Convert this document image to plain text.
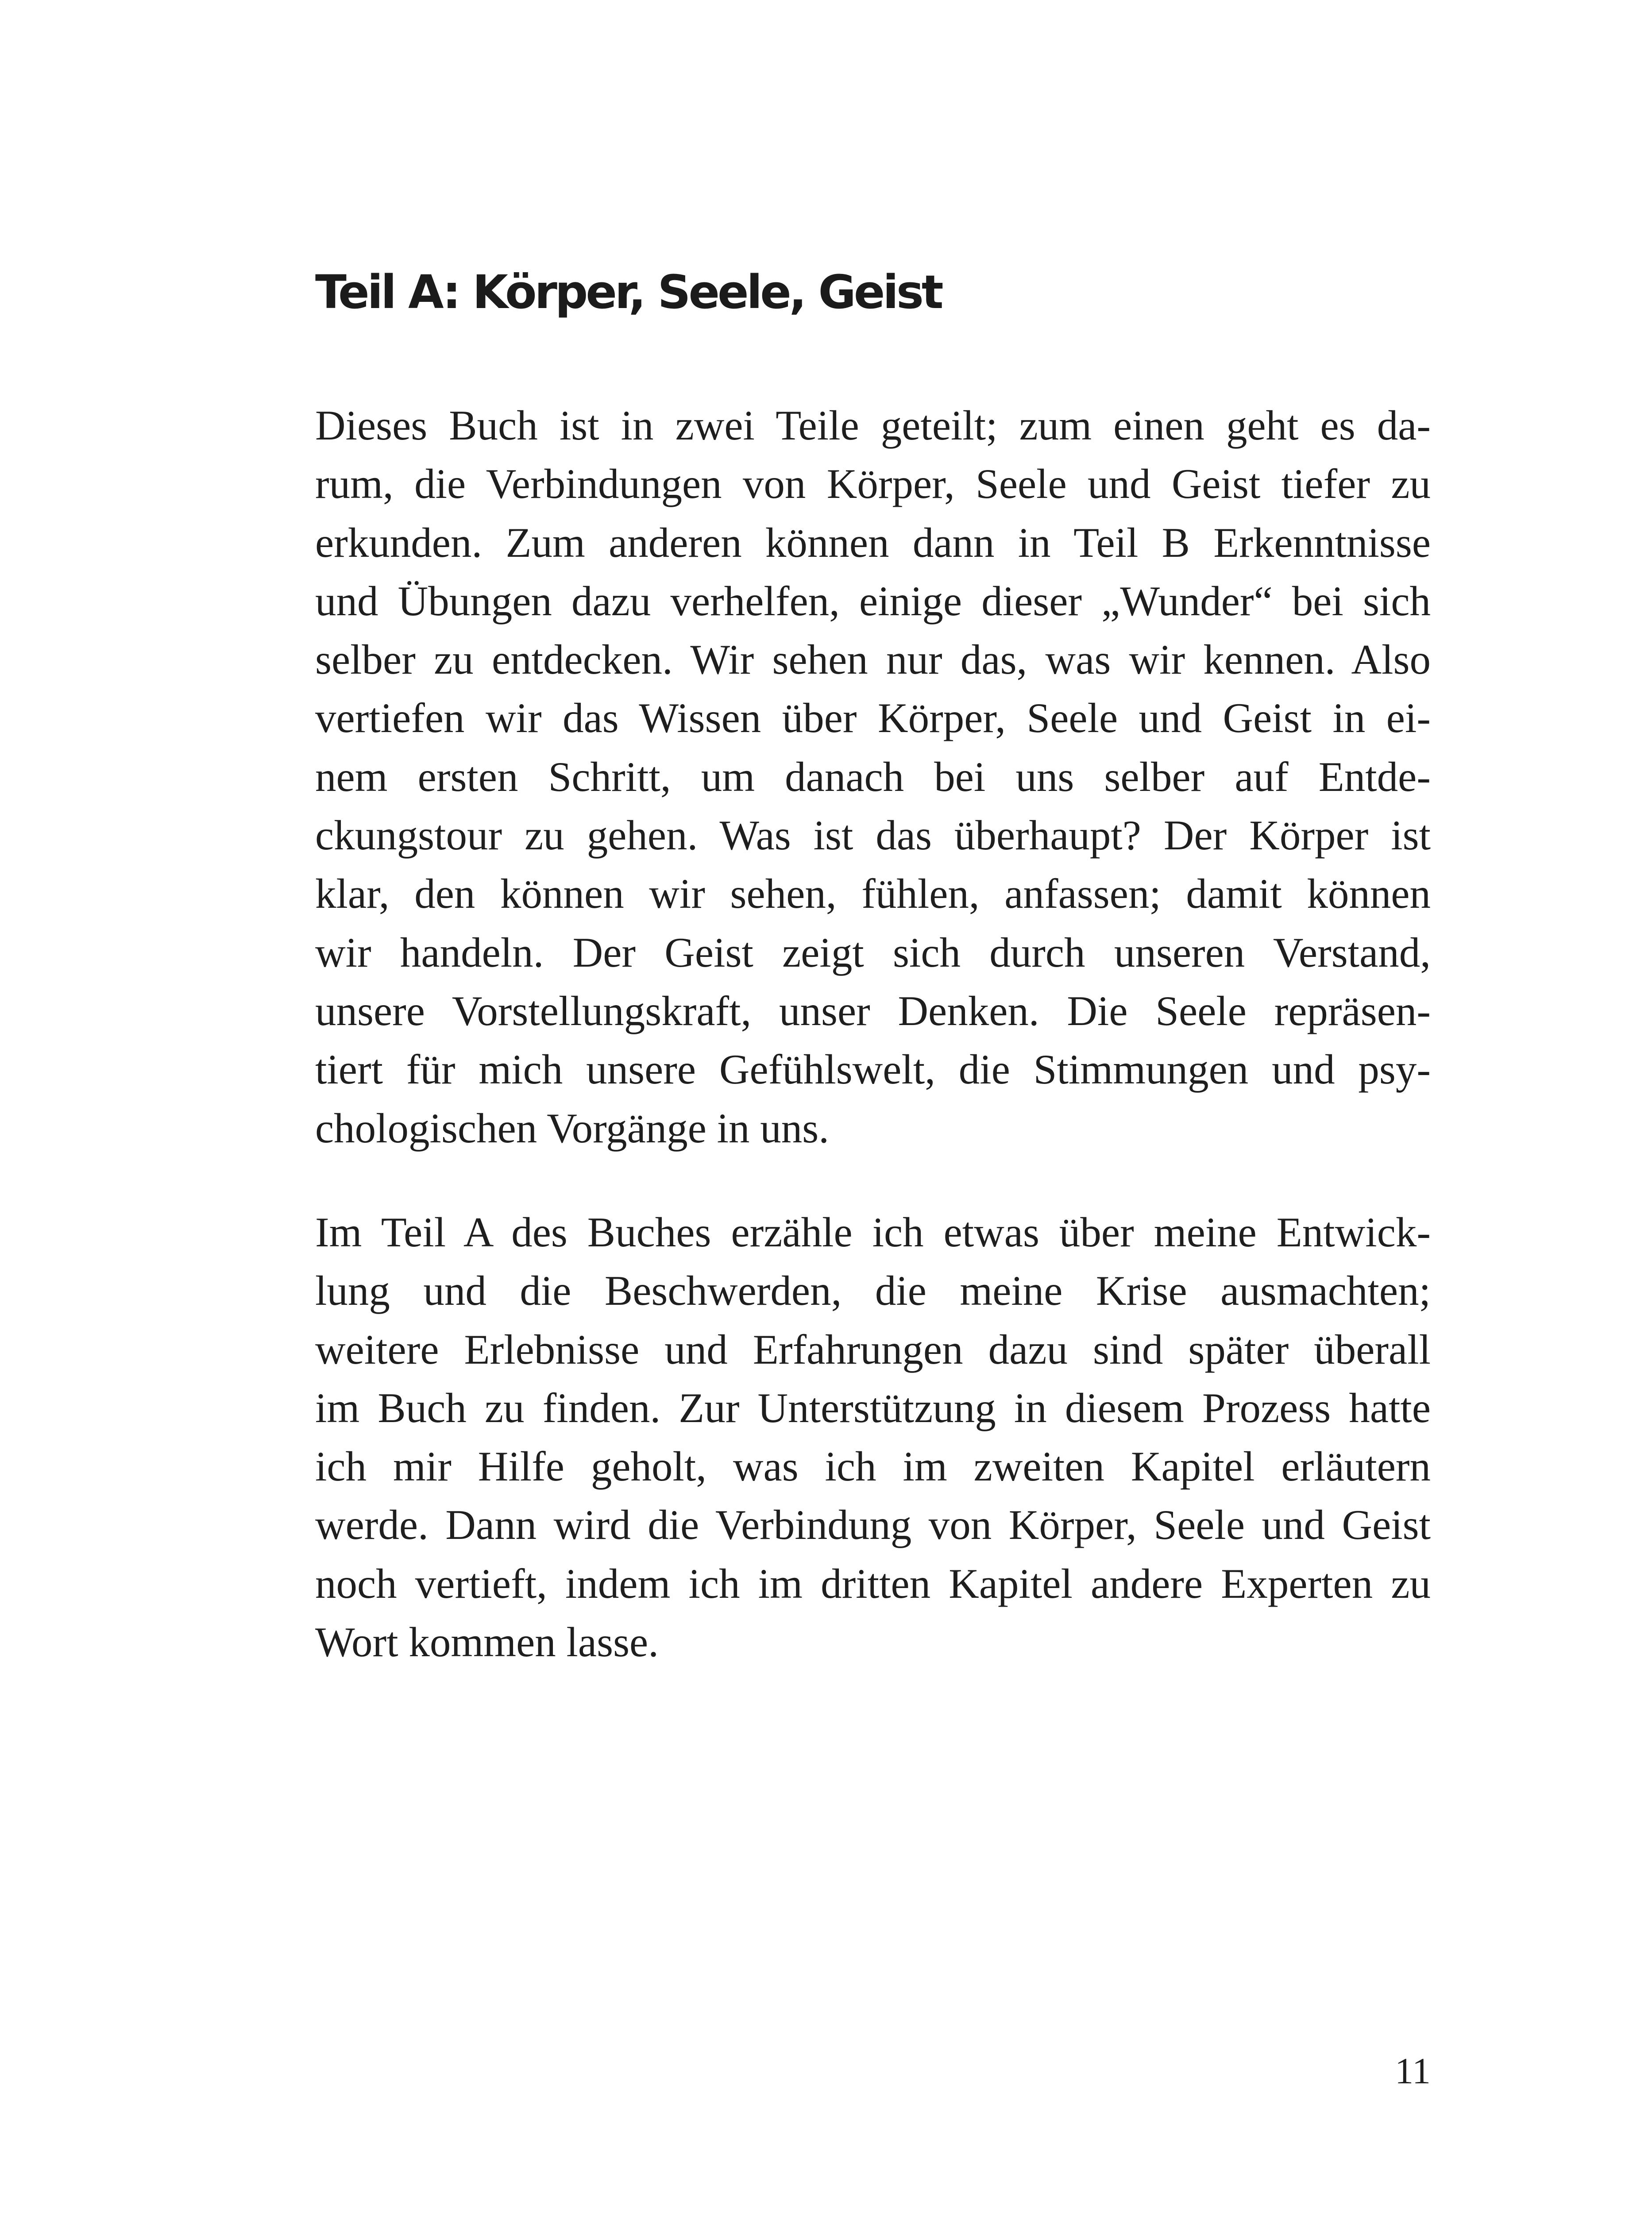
Teil A: Körper, Seele, Geist
Dieses Buch ist in zwei Teile geteilt; zum einen geht es da-
rum, die Verbindungen von Körper, Seele und Geist tiefer zu
erkunden. Zum anderen können dann in Teil B Erkenntnisse
und Übungen dazu verhelfen, einige dieser „Wunder“ bei sich
selber zu entdecken. Wir sehen nur das, was wir kennen. Also
vertiefen wir das Wissen über Körper, Seele und Geist in ei-
nem ersten Schritt, um danach bei uns selber auf Entde-
ckungstour zu gehen. Was ist das überhaupt? Der Körper ist
klar, den können wir sehen, fühlen, anfassen; damit können
wir handeln. Der Geist zeigt sich durch unseren Verstand,
unsere Vorstellungskraft, unser Denken. Die Seele repräsen-
tiert für mich unsere Gefühlswelt, die Stimmungen und psy-
chologischen Vorgänge in uns.
Im Teil A des Buches erzähle ich etwas über meine Entwick-
lung und die Beschwerden, die meine Krise ausmachten;
weitere Erlebnisse und Erfahrungen dazu sind später überall
im Buch zu finden. Zur Unterstützung in diesem Prozess hatte
ich mir Hilfe geholt, was ich im zweiten Kapitel erläutern
werde. Dann wird die Verbindung von Körper, Seele und Geist
noch vertieft, indem ich im dritten Kapitel andere Experten zu
Wort kommen lasse.
11
